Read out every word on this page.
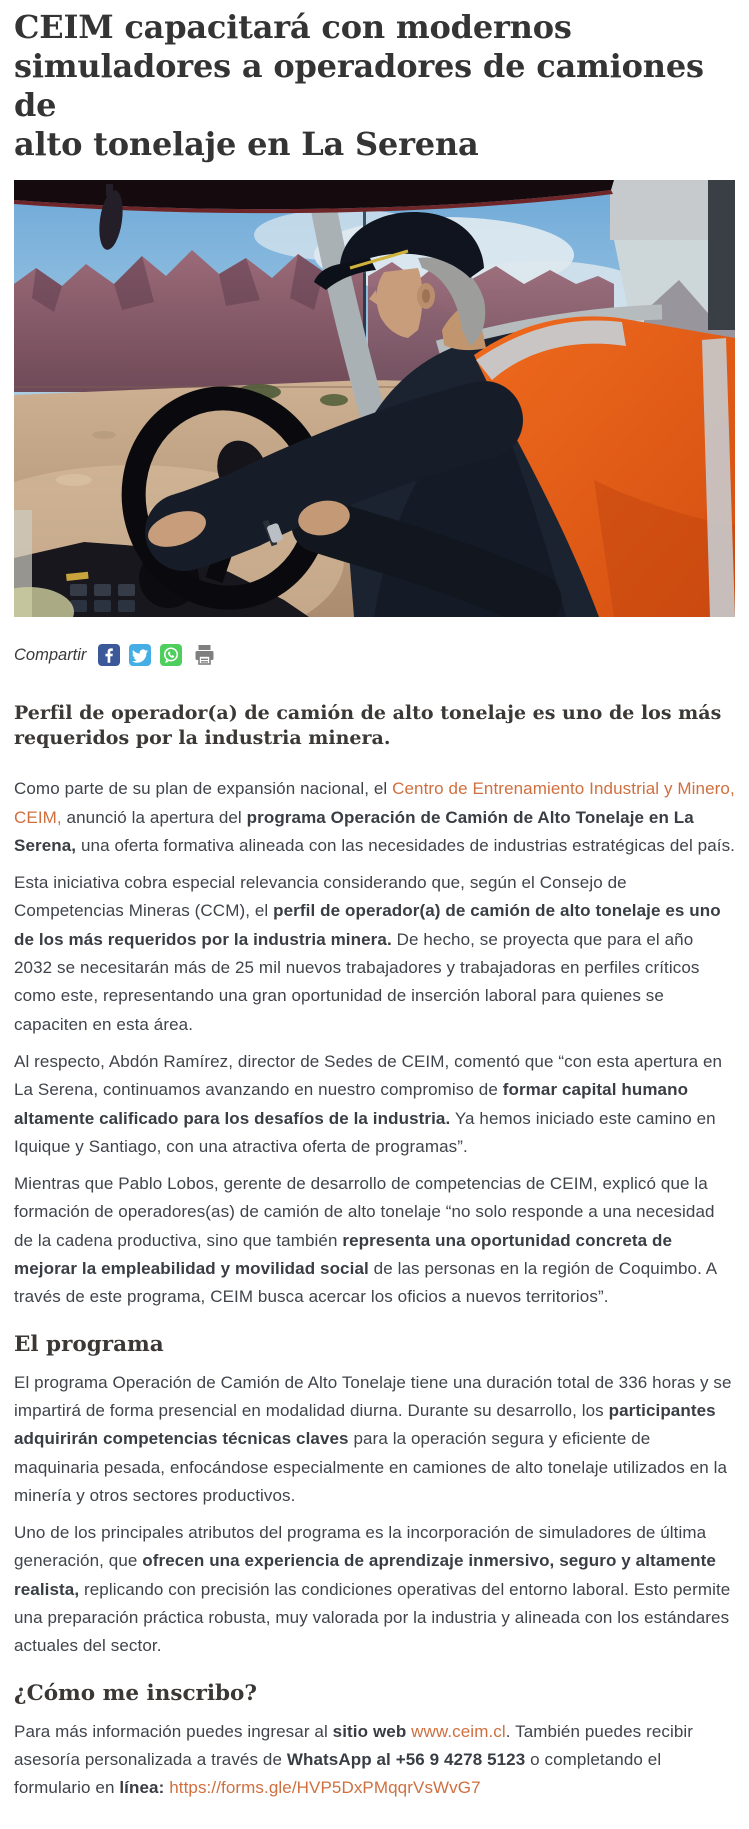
CEIM capacitará con modernos
simuladores a operadores de camiones de
alto tonelaje en La Serena
Compartir
Perfil de operador(a) de camión de alto tonelaje es uno de los más
requeridos por la industria minera.

Como parte de su plan de expansión nacional, el Centro de Entrenamiento Industrial y Minero, CEIM, anunció la apertura del programa Operación de Camión de Alto Tonelaje en La Serena, una oferta formativa alineada con las necesidades de industrias estratégicas del país.

Esta iniciativa cobra especial relevancia considerando que, según el Consejo de Competencias Mineras (CCM), el perfil de operador(a) de camión de alto tonelaje es uno de los más requeridos por la industria minera. De hecho, se proyecta que para el año 2032 se necesitarán más de 25 mil nuevos trabajadores y trabajadoras en perfiles críticos como este, representando una gran oportunidad de inserción laboral para quienes se capaciten en esta área.

Al respecto, Abdón Ramírez, director de Sedes de CEIM, comentó que “con esta apertura en La Serena, continuamos avanzando en nuestro compromiso de formar capital humano altamente calificado para los desafíos de la industria. Ya hemos iniciado este camino en Iquique y Santiago, con una atractiva oferta de programas”.

Mientras que Pablo Lobos, gerente de desarrollo de competencias de CEIM, explicó que la formación de operadores(as) de camión de alto tonelaje “no solo responde a una necesidad de la cadena productiva, sino que también representa una oportunidad concreta de mejorar la empleabilidad y movilidad social de las personas en la región de Coquimbo. A través de este programa, CEIM busca acercar los oficios a nuevos territorios”.

El programa

El programa Operación de Camión de Alto Tonelaje tiene una duración total de 336 horas y se impartirá de forma presencial en modalidad diurna. Durante su desarrollo, los participantes adquirirán competencias técnicas claves para la operación segura y eficiente de maquinaria pesada, enfocándose especialmente en camiones de alto tonelaje utilizados en la minería y otros sectores productivos.

Uno de los principales atributos del programa es la incorporación de simuladores de última generación, que ofrecen una experiencia de aprendizaje inmersivo, seguro y altamente realista, replicando con precisión las condiciones operativas del entorno laboral. Esto permite una preparación práctica robusta, muy valorada por la industria y alineada con los estándares actuales del sector.

¿Cómo me inscribo?

Para más información puedes ingresar al sitio web www.ceim.cl. También puedes recibir asesoría personalizada a través de WhatsApp al +56 9 4278 5123 o completando el formulario en línea: https://forms.gle/HVP5DxPMqqrVsWvG7
